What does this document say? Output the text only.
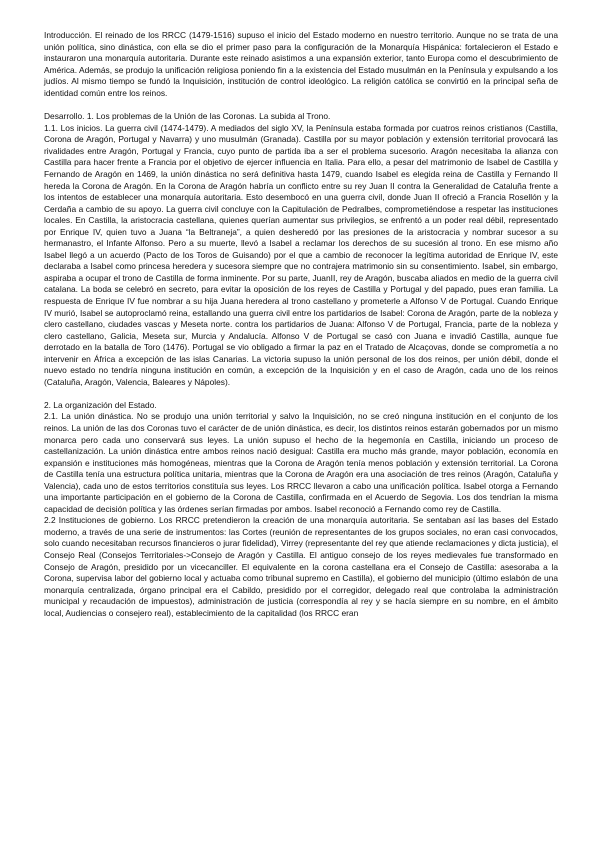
Introducción. El reinado de los RRCC (1479-1516) supuso el inicio del Estado moderno en nuestro territorio. Aunque no se trata de una unión política, sino dinástica, con ella se dio el primer paso para la configuración de la Monarquía Hispánica: fortalecieron el Estado e instauraron una monarquía autoritaria. Durante este reinado asistimos a una expansión exterior, tanto Europa como el descubrimiento de América. Además, se produjo la unificación religiosa poniendo fin a la existencia del Estado musulmán en la Península y expulsando a los judíos. Al mismo tiempo se fundó la Inquisición, institución de control ideológico. La religión católica se convirtió en la principal seña de identidad común entre los reinos.

Desarrollo. 1. Los problemas de la Unión de las Coronas. La subida al Trono.

1.1. Los inicios. La guerra civil (1474-1479). A mediados del siglo XV, la Península estaba formada por cuatros reinos cristianos (Castilla, Corona de Aragón, Portugal y Navarra) y uno musulmán (Granada). Castilla por su mayor población y extensión territorial provocará las rivalidades entre Aragón, Portugal y Francia, cuyo punto de partida iba a ser el problema sucesorio. Aragón necesitaba la alianza con Castilla para hacer frente a Francia por el objetivo de ejercer influencia en Italia. Para ello, a pesar del matrimonio de Isabel de Castilla y Fernando de Aragón en 1469, la unión dinástica no será definitiva hasta 1479, cuando Isabel es elegida reina de Castilla y Fernando II hereda la Corona de Aragón. En la Corona de Aragón habría un conflicto entre su rey Juan II contra la Generalidad de Cataluña frente a los intentos de establecer una monarquía autoritaria. Esto desembocó en una guerra civil, donde Juan II ofreció a Francia Rosellón y la Cerdaña a cambio de su apoyo. La guerra civil concluye con la Capitulación de Pedralbes, comprometiéndose a respetar las instituciones locales. En Castilla, la aristocracia castellana, quienes querían aumentar sus privilegios, se enfrentó a un poder real débil, representado por Enrique IV, quien tuvo a Juana “la Beltraneja”, a quien desheredó por las presiones de la aristocracia y nombrar sucesor a su hermanastro, el Infante Alfonso. Pero a su muerte, llevó a Isabel a reclamar los derechos de su sucesión al trono. En ese mismo año Isabel llegó a un acuerdo (Pacto de los Toros de Guisando) por el que a cambio de reconocer la legítima autoridad de Enrique IV, este declaraba a Isabel como princesa heredera y sucesora siempre que no contrajera matrimonio sin su consentimiento. Isabel, sin embargo, aspiraba a ocupar el trono de Castilla de forma inminente. Por su parte, JuanII, rey de Aragón, buscaba aliados en medio de la guerra civil catalana. La boda se celebró en secreto, para evitar la oposición de los reyes de Castilla y Portugal y del papado, pues eran familia. La respuesta de Enrique IV fue nombrar a su hija Juana heredera al trono castellano y prometerle a Alfonso V de Portugal. Cuando Enrique IV murió, Isabel se autoproclamó reina, estallando una guerra civil entre los partidarios de Isabel: Corona de Aragón, parte de la nobleza y clero castellano, ciudades vascas y Meseta norte. contra los partidarios de Juana: Alfonso V de Portugal, Francia, parte de la nobleza y clero castellano, Galicia, Meseta sur, Murcia y Andalucía. Alfonso V de Portugal se casó con Juana e invadió Castilla, aunque fue derrotado en la batalla de Toro (1476). Portugal se vio obligado a firmar la paz en el Tratado de Alcaçovas, donde se comprometía a no intervenir en África a excepción de las islas Canarias. La victoria supuso la unión personal de los dos reinos, per unión débil, donde el nuevo estado no tendría ninguna institución en común, a excepción de la Inquisición y en el caso de Aragón, cada uno de los reinos (Cataluña, Aragón, Valencia, Baleares y Nápoles).

2. La organización del Estado.

2.1. La unión dinástica. No se produjo una unión territorial y salvo la Inquisición, no se creó ninguna institución en el conjunto de los reinos. La unión de las dos Coronas tuvo el carácter de de unión dinástica, es decir, los distintos reinos estarán gobernados por un mismo monarca pero cada uno conservará sus leyes. La unión supuso el hecho de la hegemonía en Castilla, iniciando un proceso de castellanización. La unión dinástica entre ambos reinos nació desigual: Castilla era mucho más grande, mayor población, economía en expansión e instituciones más homogéneas, mientras que la Corona de Aragón tenía menos población y extensión territorial. La Corona de Castilla tenía una estructura política unitaria, mientras que la Corona de Aragón era una asociación de tres reinos (Aragón, Cataluña y Valencia), cada uno de estos territorios constituía sus leyes. Los RRCC llevaron a cabo una unificación política. Isabel otorga a Fernando una importante participación en el gobierno de la Corona de Castilla, confirmada en el Acuerdo de Segovia. Los dos tendrían la misma capacidad de decisión política y las órdenes serían firmadas por ambos. Isabel reconoció a Fernando como rey de Castilla.

2.2 Instituciones de gobierno. Los RRCC pretendieron la creación de una monarquía autoritaria. Se sentaban así las bases del Estado moderno, a través de una serie de instrumentos: las Cortes (reunión de representantes de los grupos sociales, no eran casi convocados, solo cuando necesitaban recursos financieros o jurar fidelidad), Virrey (representante del rey que atiende reclamaciones y dicta justicia), el Consejo Real (Consejos Territoriales->Consejo de Aragón y Castilla. El antiguo consejo de los reyes medievales fue transformado en Consejo de Aragón, presidido por un vicecanciller. El equivalente en la corona castellana era el Consejo de Castilla: asesoraba a la Corona, supervisa labor del gobierno local y actuaba como tribunal supremo en Castilla), el gobierno del municipio (último eslabón de una monarquía centralizada, órgano principal era el Cabildo, presidido por el corregidor, delegado real que controlaba la administración municipal y recaudación de impuestos), administración de justicia (correspondía al rey y se hacía siempre en su nombre, en el ámbito local, Audiencias o consejero real), establecimiento de la capitalidad (los RRCC eran
